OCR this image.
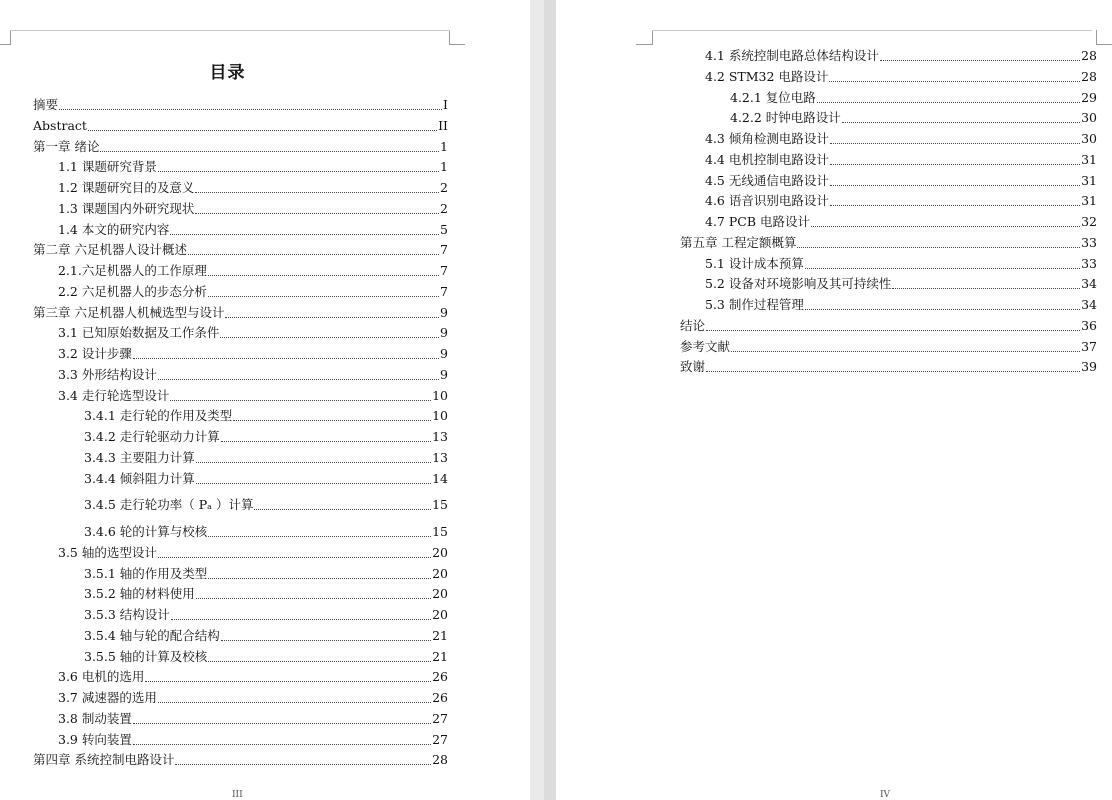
目录
摘要	I
Abstract	II
第一章 绪论	1
1.1 课题研究背景	1
1.2 课题研究目的及意义	2
1.3 课题国内外研究现状	2
1.4 本文的研究内容	5
第二章 六足机器人设计概述	7
2.1.六足机器人的工作原理	7
2.2 六足机器人的步态分析	7
第三章 六足机器人机械选型与设计	9
3.1 已知原始数据及工作条件	9
3.2 设计步骤	9
3.3 外形结构设计	9
3.4 走行轮选型设计	10
3.4.1 走行轮的作用及类型	10
3.4.2 走行轮驱动力计算	13
3.4.3 主要阻力计算	13
3.4.4 倾斜阻力计算	14
3.4.5 走行轮功率（ Pₐ ）计算	15
3.4.6 轮的计算与校核	15
3.5 轴的选型设计	20
3.5.1 轴的作用及类型	20
3.5.2 轴的材料使用	20
3.5.3 结构设计	20
3.5.4 轴与轮的配合结构	21
3.5.5 轴的计算及校核	21
3.6 电机的选用	26
3.7 减速器的选用	26
3.8 制动装置	27
3.9 转向装置	27
第四章 系统控制电路设计	28
III
4.1 系统控制电路总体结构设计	28
4.2 STM32 电路设计	28
4.2.1 复位电路	29
4.2.2 时钟电路设计	30
4.3 倾角检测电路设计	30
4.4 电机控制电路设计	31
4.5 无线通信电路设计	31
4.6 语音识别电路设计	31
4.7 PCB 电路设计	32
第五章 工程定额概算	33
5.1 设计成本预算	33
5.2 设备对环境影响及其可持续性	34
5.3 制作过程管理	34
结论	36
参考文献	37
致谢	39
IV
